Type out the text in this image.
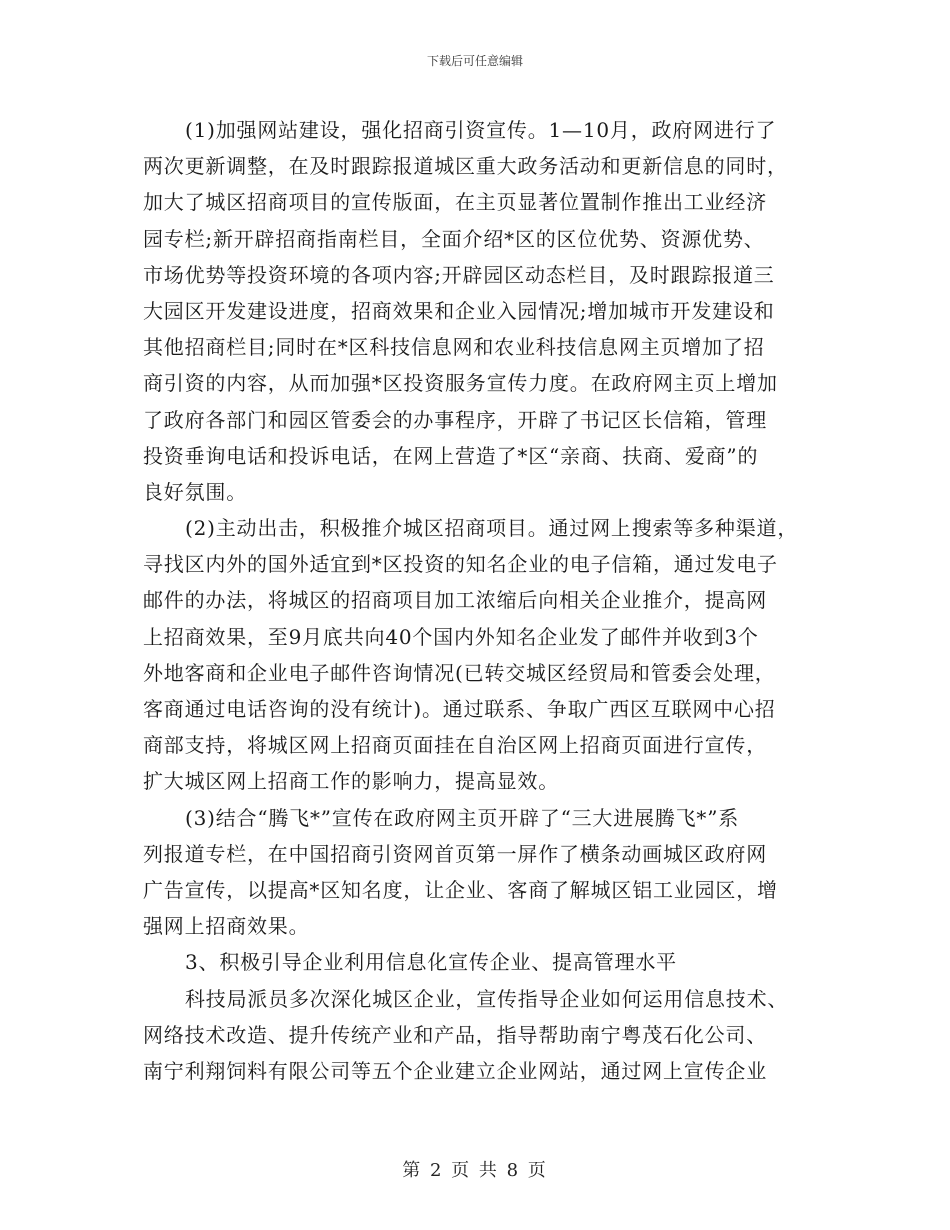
下载后可任意编辑
(1)加强网站建设，强化招商引资宣传。1—10月，政府网进行了
两次更新调整，在及时跟踪报道城区重大政务活动和更新信息的同时，
加大了城区招商项目的宣传版面，在主页显著位置制作推出工业经济
园专栏;新开辟招商指南栏目，全面介绍*区的区位优势、资源优势、
市场优势等投资环境的各项内容;开辟园区动态栏目，及时跟踪报道三
大园区开发建设进度，招商效果和企业入园情况;增加城市开发建设和
其他招商栏目;同时在*区科技信息网和农业科技信息网主页增加了招
商引资的内容，从而加强*区投资服务宣传力度。在政府网主页上增加
了政府各部门和园区管委会的办事程序，开辟了书记区长信箱，管理
投资垂询电话和投诉电话，在网上营造了*区“亲商、扶商、爱商”的
良好氛围。
(2)主动出击，积极推介城区招商项目。通过网上搜索等多种渠道，
寻找区内外的国外适宜到*区投资的知名企业的电子信箱，通过发电子
邮件的办法，将城区的招商项目加工浓缩后向相关企业推介，提高网
上招商效果，至9月底共向40个国内外知名企业发了邮件并收到3个
外地客商和企业电子邮件咨询情况(已转交城区经贸局和管委会处理，
客商通过电话咨询的没有统计)。通过联系、争取广西区互联网中心招
商部支持，将城区网上招商页面挂在自治区网上招商页面进行宣传，
扩大城区网上招商工作的影响力，提高显效。
(3)结合“腾飞*”宣传在政府网主页开辟了“三大进展腾飞*”系
列报道专栏，在中国招商引资网首页第一屏作了横条动画城区政府网
广告宣传，以提高*区知名度，让企业、客商了解城区铝工业园区，增
强网上招商效果。
3、积极引导企业利用信息化宣传企业、提高管理水平
科技局派员多次深化城区企业，宣传指导企业如何运用信息技术、
网络技术改造、提升传统产业和产品，指导帮助南宁粤茂石化公司、
南宁利翔饲料有限公司等五个企业建立企业网站，通过网上宣传企业
第 2 页 共 8 页
